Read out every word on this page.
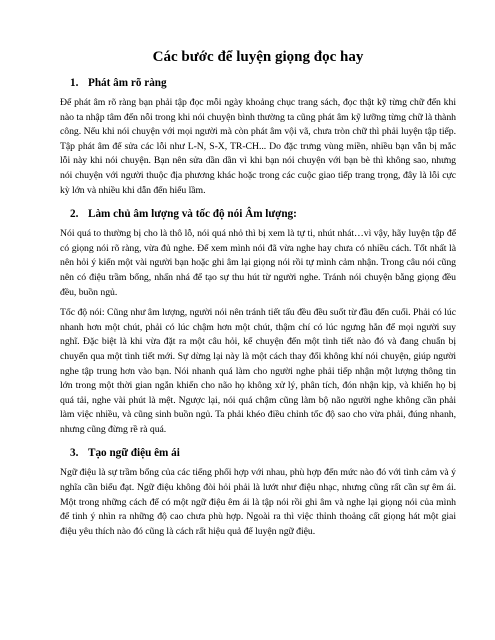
Các bước để luyện giọng đọc hay
1. Phát âm rõ ràng

Để phát âm rõ ràng bạn phải tập đọc mỗi ngày khoảng chục trang sách, đọc thật kỹ từng chữ đến khi nào ta nhập tâm đến nỗi trong khi nói chuyện bình thường ta cũng phát âm kỹ lưỡng từng chữ là thành công. Nếu khi nói chuyện với mọi người mà còn phát âm vội vã, chưa tròn chữ thì phải luyện tập tiếp. Tập phát âm để sửa các lỗi như L-N, S-X, TR-CH... Do đặc trưng vùng miền, nhiều bạn vẫn bị mắc lỗi này khi nói chuyện. Bạn nên sửa dần dần vì khi bạn nói chuyện với bạn bè thì không sao, nhưng nói chuyện với người thuộc địa phương khác hoặc trong các cuộc giao tiếp trang trọng, đây là lỗi cực kỳ lớn và nhiều khi dẫn đến hiểu lầm.

2. Làm chủ âm lượng và tốc độ nói Âm lượng:

Nói quá to thường bị cho là thô lỗ, nói quá nhỏ thì bị xem là tự ti, nhút nhát…vì vậy, hãy luyện tập để có giọng nói rõ ràng, vừa đủ nghe. Để xem mình nói đã vừa nghe hay chưa có nhiều cách. Tốt nhất là nên hỏi ý kiến một vài người bạn hoặc ghi âm lại giọng nói rồi tự mình cảm nhận. Trong câu nói cũng nên có điệu trầm bổng, nhấn nhá để tạo sự thu hút từ người nghe. Tránh nói chuyện bằng giọng đều đều, buồn ngủ.

Tốc độ nói: Cũng như âm lượng, người nói nên tránh tiết tấu đều đều suốt từ đầu đến cuối. Phải có lúc nhanh hơn một chút, phải có lúc chậm hơn một chút, thậm chí có lúc ngưng hẳn để mọi người suy nghĩ. Đặc biệt là khi vừa đặt ra một câu hỏi, kể chuyện đến một tình tiết nào đó và đang chuẩn bị chuyển qua một tình tiết mới. Sự dừng lại này là một cách thay đổi không khí nói chuyện, giúp người nghe tập trung hơn vào bạn. Nói nhanh quá làm cho người nghe phải tiếp nhận một lượng thông tin lớn trong một thời gian ngắn khiến cho não họ không xử lý, phân tích, đón nhận kịp, và khiến họ bị quá tải, nghe vài phút là mệt. Ngược lại, nói quá chậm cũng làm bộ não người nghe không cần phải làm việc nhiều, và cũng sinh buồn ngủ. Ta phải khéo điều chỉnh tốc độ sao cho vừa phải, đúng nhanh, nhưng cũng đừng rề rà quá.

3. Tạo ngữ điệu êm ái

Ngữ điệu là sự trầm bổng của các tiếng phối hợp với nhau, phù hợp đến mức nào đó với tình cảm và ý nghĩa cần biểu đạt. Ngữ điệu không đòi hỏi phải là lướt như điệu nhạc, nhưng cũng rất cần sự êm ái. Một trong những cách để có một ngữ điệu êm ái là tập nói rồi ghi âm và nghe lại giọng nói của mình để tinh ý nhìn ra những độ cao chưa phù hợp. Ngoài ra thì việc thỉnh thoảng cất giọng hát một giai điệu yêu thích nào đó cũng là cách rất hiệu quả để luyện ngữ điệu.
